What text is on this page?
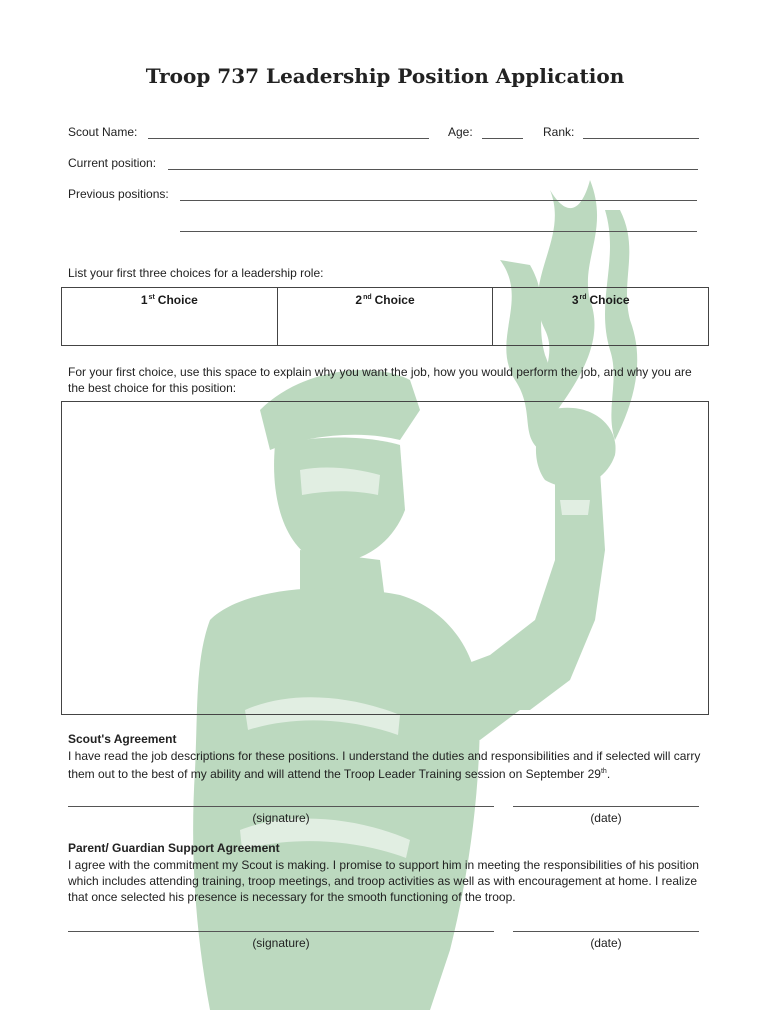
Troop 737 Leadership Position Application
Scout Name:	Age:	Rank:
Current position:
Previous positions:
List your first three choices for a leadership role:
1st Choice	2nd Choice	3rd Choice
For your first choice, use this space to explain why you want the job, how you would perform the job, and why you are the best choice for this position:
Scout's Agreement
I have read the job descriptions for these positions. I understand the duties and responsibilities and if selected will carry them out to the best of my ability and will attend the Troop Leader Training session on September 29th.
(signature)	(date)
Parent/ Guardian Support Agreement
I agree with the commitment my Scout is making. I promise to support him in meeting the responsibilities of his position which includes attending training, troop meetings, and troop activities as well as with encouragement at home. I realize that once selected his presence is necessary for the smooth functioning of the troop.
(signature)	(date)
